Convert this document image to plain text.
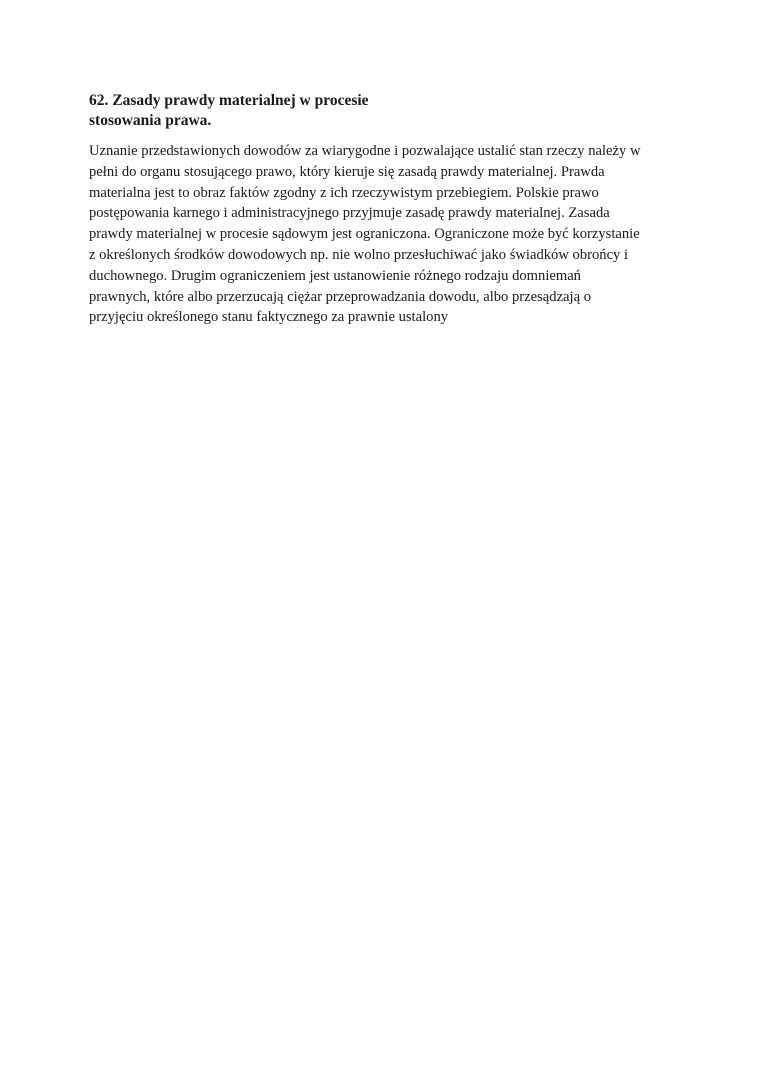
62. Zasady prawdy materialnej w procesie
stosowania prawa.

Uznanie przedstawionych dowodów za wiarygodne i pozwalające ustalić stan rzeczy należy w
pełni do organu stosującego prawo, który kieruje się zasadą prawdy materialnej. Prawda
materialna jest to obraz faktów zgodny z ich rzeczywistym przebiegiem. Polskie prawo
postępowania karnego i administracyjnego przyjmuje zasadę prawdy materialnej. Zasada
prawdy materialnej w procesie sądowym jest ograniczona. Ograniczone może być korzystanie
z określonych środków dowodowych np. nie wolno przesłuchiwać jako świadków obrońcy i
duchownego. Drugim ograniczeniem jest ustanowienie różnego rodzaju domniemań
prawnych, które albo przerzucają ciężar przeprowadzania dowodu, albo przesądzają o
przyjęciu określonego stanu faktycznego za prawnie ustalony
